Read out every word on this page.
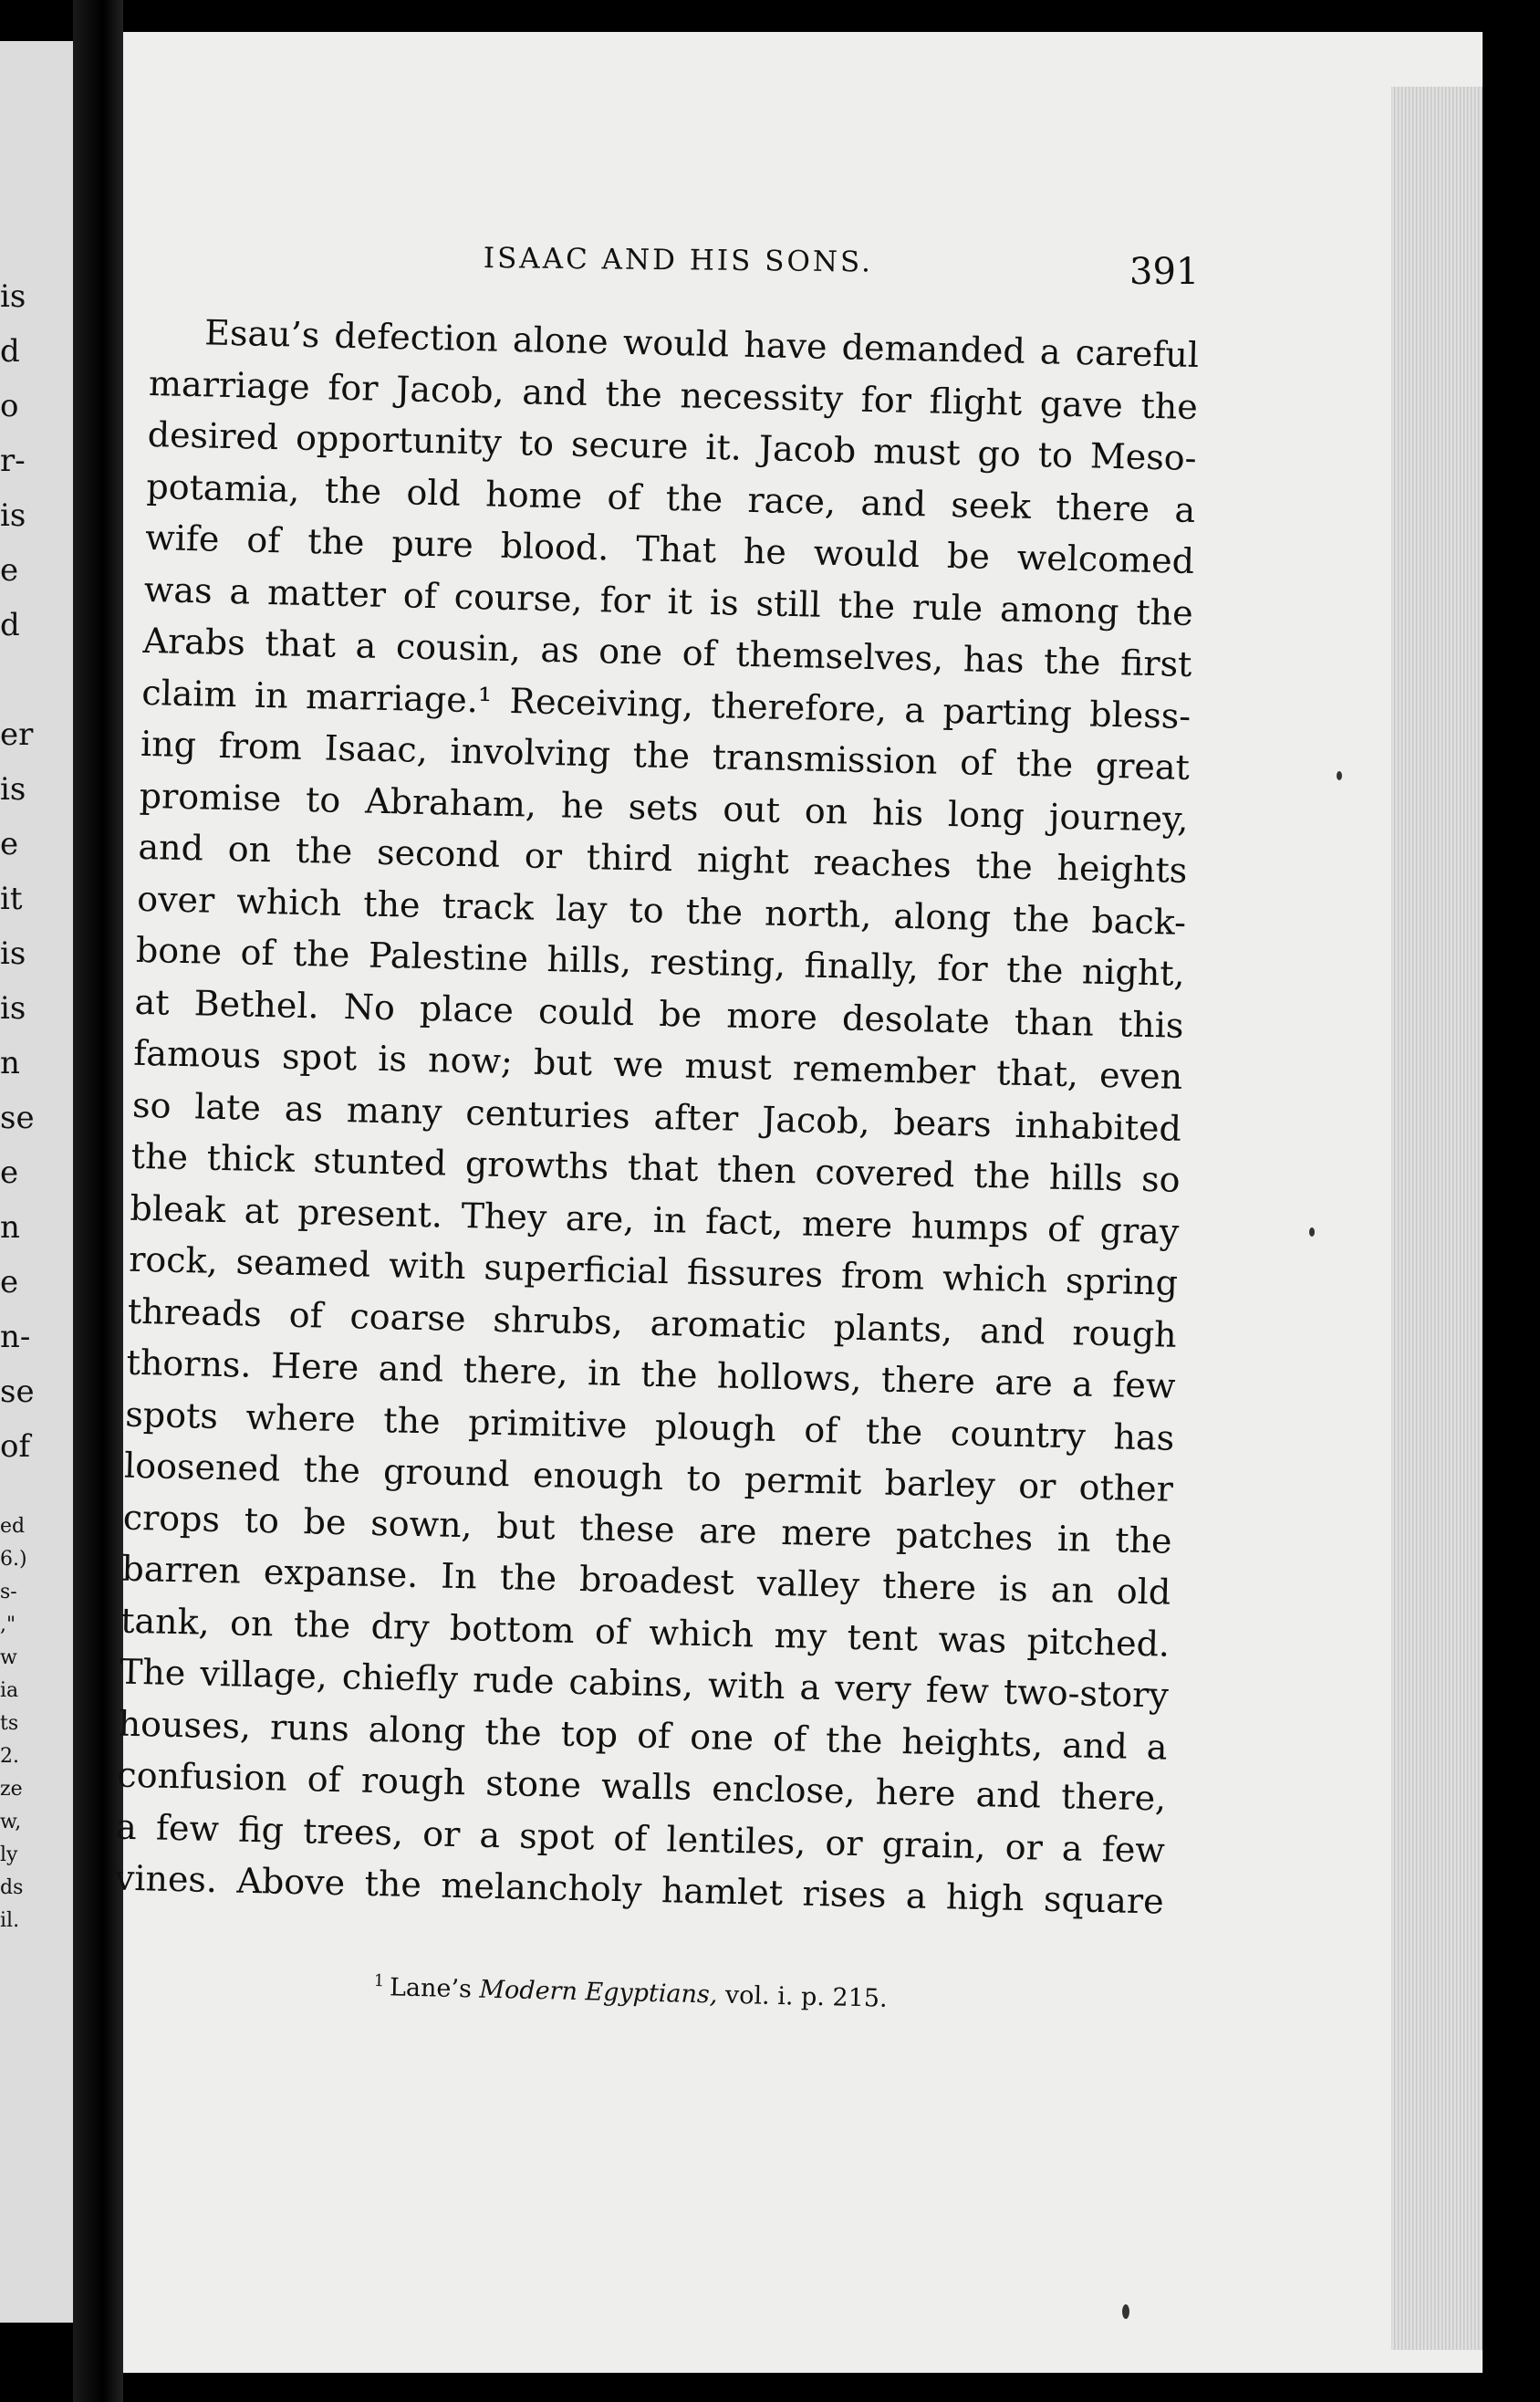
is
d
o
r-
is
e
d
er
is
e
it
is
is
n
se
e
n
e
n-
se
of
ed
6.)
s-
,"
w
ia
ts
2.
ze
w,
ly
ds
il.
ISAAC AND HIS SONS.	391
Esau’s defection alone would have demanded a careful
marriage for Jacob, and the necessity for flight gave the
desired opportunity to secure it. Jacob must go to Meso-
potamia, the old home of the race, and seek there a
wife of the pure blood. That he would be welcomed
was a matter of course, for it is still the rule among the
Arabs that a cousin, as one of themselves, has the first
claim in marriage.¹ Receiving, therefore, a parting bless-
ing from Isaac, involving the transmission of the great
promise to Abraham, he sets out on his long journey,
and on the second or third night reaches the heights
over which the track lay to the north, along the back-
bone of the Palestine hills, resting, finally, for the night,
at Bethel. No place could be more desolate than this
famous spot is now; but we must remember that, even
so late as many centuries after Jacob, bears inhabited
the thick stunted growths that then covered the hills so
bleak at present. They are, in fact, mere humps of gray
rock, seamed with superficial fissures from which spring
threads of coarse shrubs, aromatic plants, and rough
thorns. Here and there, in the hollows, there are a few
spots where the primitive plough of the country has
loosened the ground enough to permit barley or other
crops to be sown, but these are mere patches in the
barren expanse. In the broadest valley there is an old
tank, on the dry bottom of which my tent was pitched.
The village, chiefly rude cabins, with a very few two-story
houses, runs along the top of one of the heights, and a
confusion of rough stone walls enclose, here and there,
a few fig trees, or a spot of lentiles, or grain, or a few
vines. Above the melancholy hamlet rises a high square
$^1$ Lane’s Modern Egyptians, vol. i. p. 215.
